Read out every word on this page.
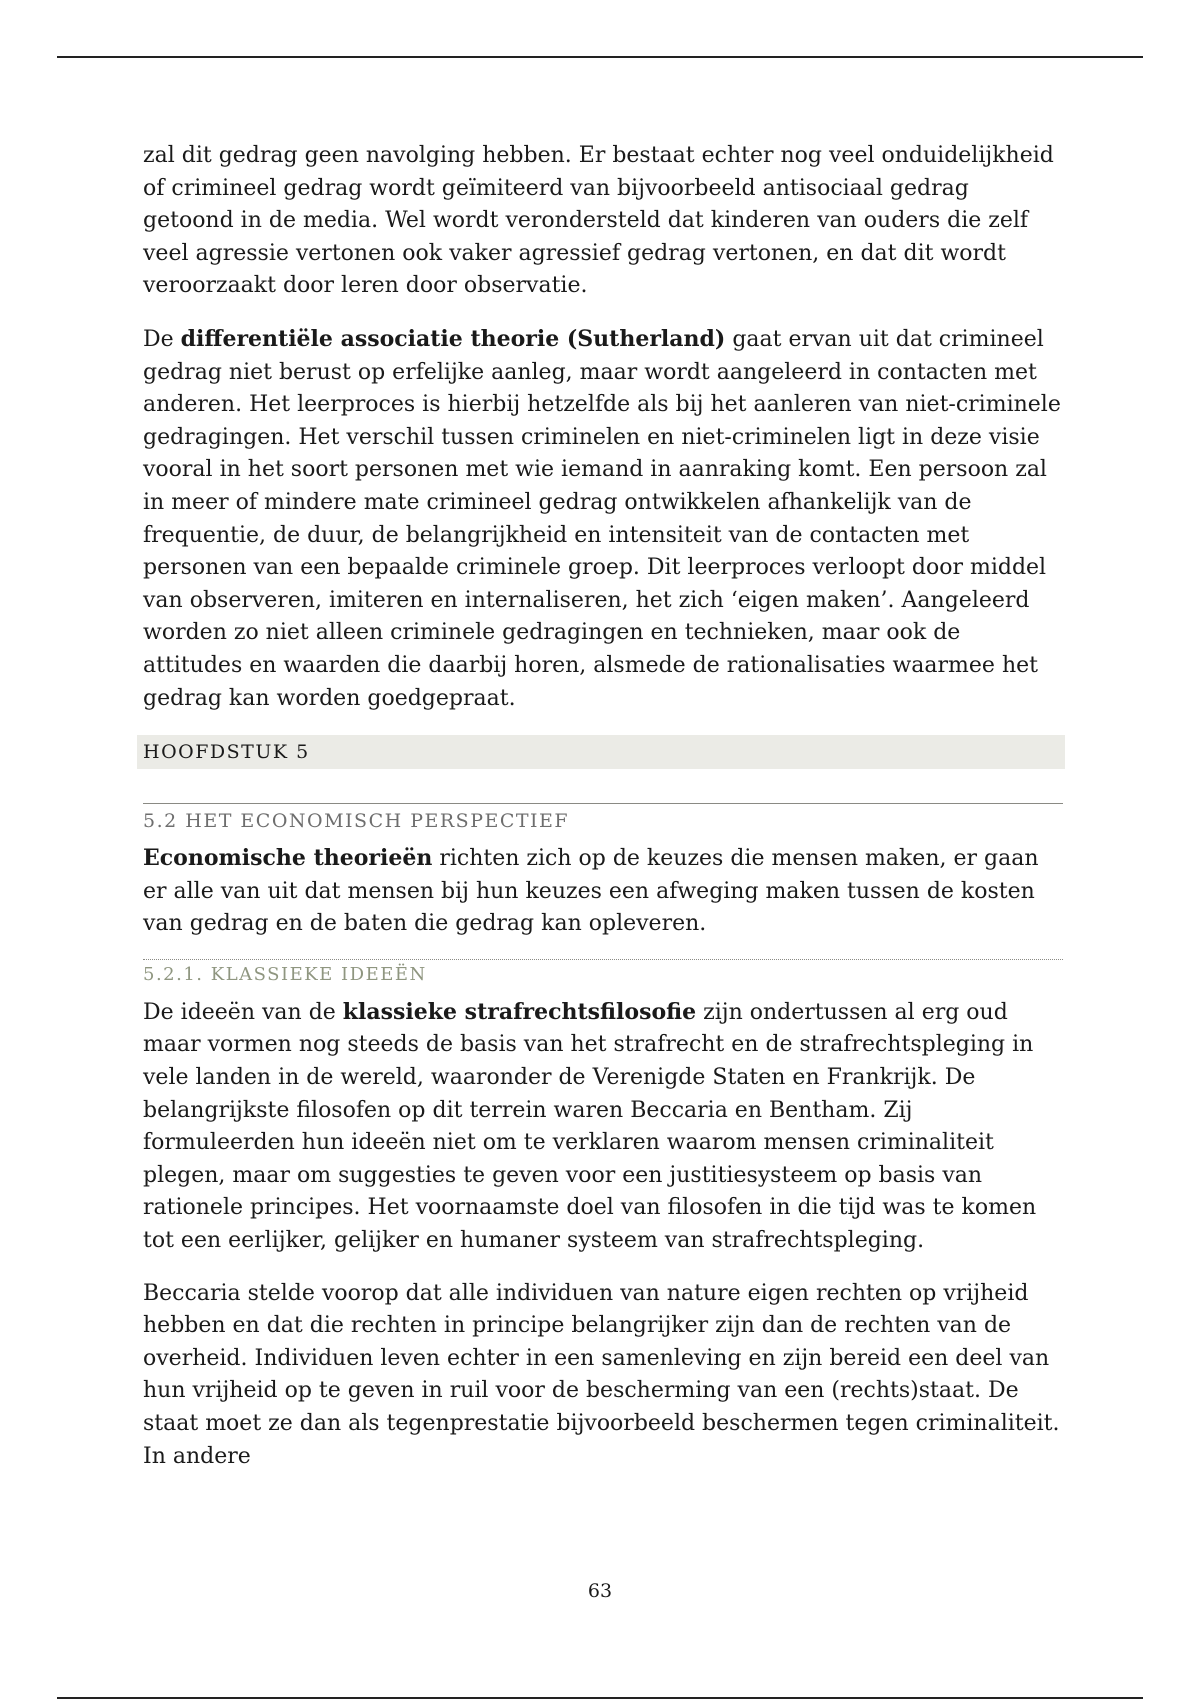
zal dit gedrag geen navolging hebben. Er bestaat echter nog veel onduidelijkheid of crimineel gedrag wordt geïmiteerd van bijvoorbeeld antisociaal gedrag getoond in de media. Wel wordt verondersteld dat kinderen van ouders die zelf veel agressie vertonen ook vaker agressief gedrag vertonen, en dat dit wordt veroorzaakt door leren door observatie.

De differentiële associatie theorie (Sutherland) gaat ervan uit dat crimineel gedrag niet berust op erfelijke aanleg, maar wordt aangeleerd in contacten met anderen. Het leerproces is hierbij hetzelfde als bij het aanleren van niet-criminele gedragingen. Het verschil tussen criminelen en niet-criminelen ligt in deze visie vooral in het soort personen met wie iemand in aanraking komt. Een persoon zal in meer of mindere mate crimineel gedrag ontwikkelen afhankelijk van de frequentie, de duur, de belangrijkheid en intensiteit van de contacten met personen van een bepaalde criminele groep. Dit leerproces verloopt door middel van observeren, imiteren en internaliseren, het zich ‘eigen maken’. Aangeleerd worden zo niet alleen criminele gedragingen en technieken, maar ook de attitudes en waarden die daarbij horen, alsmede de rationalisaties waarmee het gedrag kan worden goedgepraat.

HOOFDSTUK 5
5.2 HET ECONOMISCH PERSPECTIEF

Economische theorieën richten zich op de keuzes die mensen maken, er gaan er alle van uit dat mensen bij hun keuzes een afweging maken tussen de kosten van gedrag en de baten die gedrag kan opleveren.

5.2.1. KLASSIEKE IDEEËN

De ideeën van de klassieke strafrechtsfilosofie zijn ondertussen al erg oud maar vormen nog steeds de basis van het strafrecht en de strafrechtspleging in vele landen in de wereld, waaronder de Verenigde Staten en Frankrijk. De belangrijkste filosofen op dit terrein waren Beccaria en Bentham. Zij formuleerden hun ideeën niet om te verklaren waarom mensen criminaliteit plegen, maar om suggesties te geven voor een justitiesysteem op basis van rationele principes. Het voornaamste doel van filosofen in die tijd was te komen tot een eerlijker, gelijker en humaner systeem van strafrechtspleging.

Beccaria stelde voorop dat alle individuen van nature eigen rechten op vrijheid hebben en dat die rechten in principe belangrijker zijn dan de rechten van de overheid. Individuen leven echter in een samenleving en zijn bereid een deel van hun vrijheid op te geven in ruil voor de bescherming van een (rechts)staat. De staat moet ze dan als tegenprestatie bijvoorbeeld beschermen tegen criminaliteit. In andere

63
